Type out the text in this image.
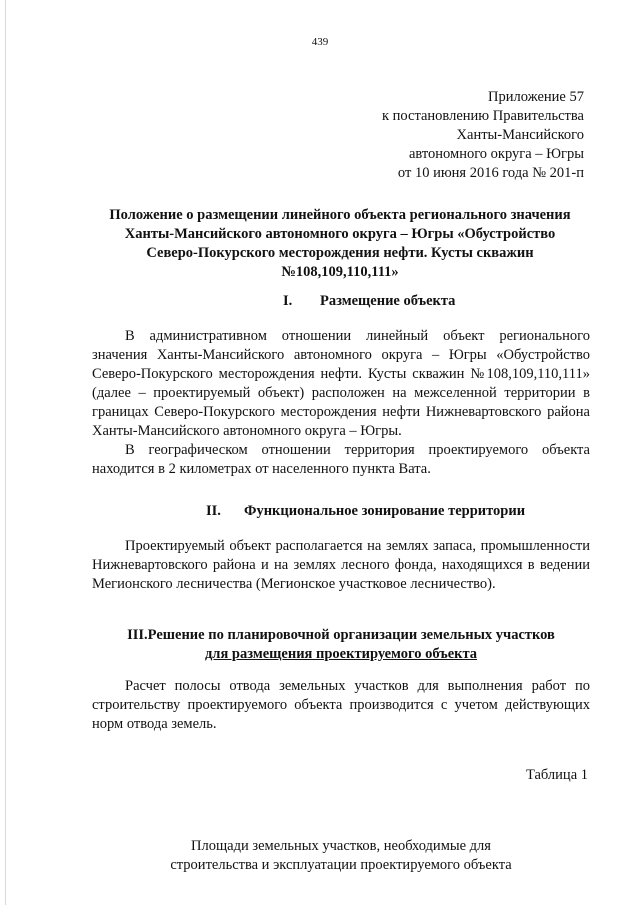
439
Приложение 57
к постановлению Правительства
Ханты-Мансийского
автономного округа – Югры
от 10 июня 2016 года № 201-п
Положение о размещении линейного объекта регионального значения Ханты-Мансийского автономного округа – Югры «Обустройство Северо-Покурского месторождения нефти. Кусты скважин №108,109,110,111»
I. Размещение объекта

В административном отношении линейный объект регионального значения Ханты-Мансийского автономного округа – Югры «Обустройство Северо-Покурского месторождения нефти. Кусты скважин №108,109,110,111» (далее – проектируемый объект) расположен на межселенной территории в границах Северо-Покурского месторождения нефти Нижневартовского района Ханты-Мансийского автономного округа – Югры.

В географическом отношении территория проектируемого объекта находится в 2 километрах от населенного пункта Вата.

II. Функциональное зонирование территории

Проектируемый объект располагается на землях запаса, промышленности Нижневартовского района и на землях лесного фонда, находящихся в ведении Мегионского лесничества (Мегионское участковое лесничество).

III.Решение по планировочной организации земельных участков
для размещения проектируемого объекта

Расчет полосы отвода земельных участков для выполнения работ по строительству проектируемого объекта производится с учетом действующих норм отвода земель.

Таблица 1
Площади земельных участков, необходимые для
строительства и эксплуатации проектируемого объекта
